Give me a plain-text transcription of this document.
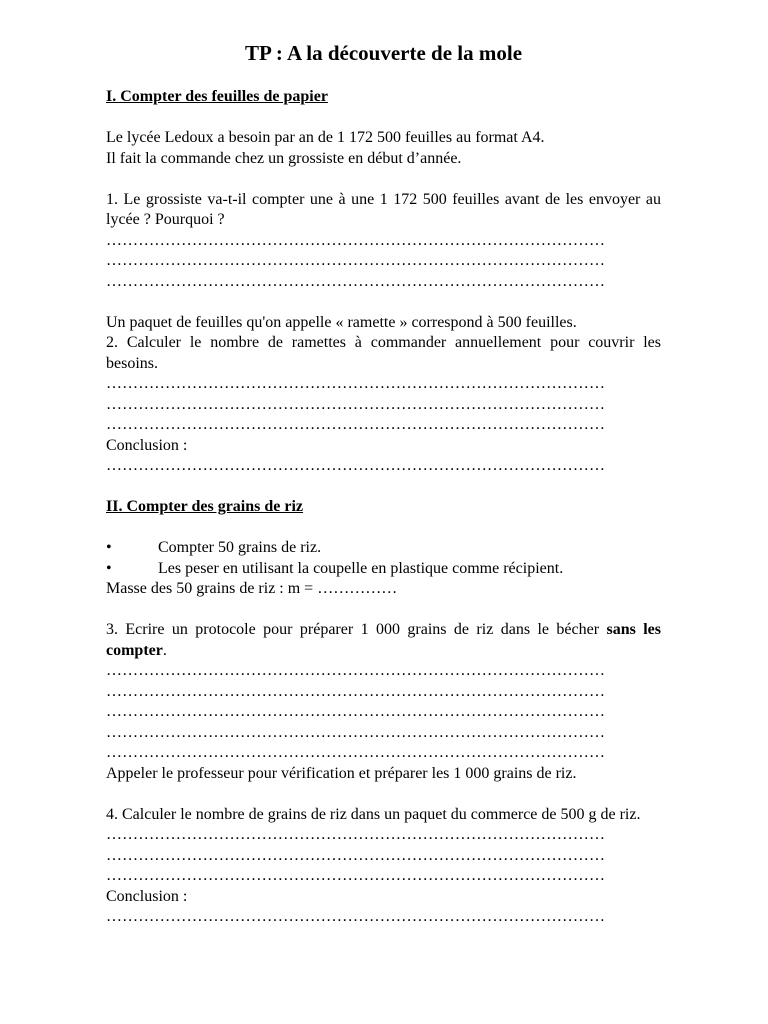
TP : A la découverte de la mole

I. Compter des feuilles de papier

Le lycée Ledoux a besoin par an de 1 172 500 feuilles au format A4.

Il fait la commande chez un grossiste en début d’année.

1. Le grossiste va-t-il compter une à une 1 172 500 feuilles avant de les envoyer au lycée ? Pourquoi ?

…………………………………………………………………………………

…………………………………………………………………………………

…………………………………………………………………………………

Un paquet de feuilles qu'on appelle « ramette » correspond à 500 feuilles.

2. Calculer le nombre de ramettes à commander annuellement pour couvrir les besoins.

…………………………………………………………………………………

…………………………………………………………………………………

…………………………………………………………………………………

Conclusion :

…………………………………………………………………………………

II. Compter des grains de riz

•	Compter 50 grains de riz.
•	Les peser en utilisant la coupelle en plastique comme récipient.

Masse des 50 grains de riz : m = ……………

3. Ecrire un protocole pour préparer 1 000 grains de riz dans le bécher sans les compter.

…………………………………………………………………………………

…………………………………………………………………………………

…………………………………………………………………………………

…………………………………………………………………………………

…………………………………………………………………………………

Appeler le professeur pour vérification et préparer les 1 000 grains de riz.

4. Calculer le nombre de grains de riz dans un paquet du commerce de 500 g de riz.

…………………………………………………………………………………

…………………………………………………………………………………

…………………………………………………………………………………

Conclusion :

…………………………………………………………………………………
